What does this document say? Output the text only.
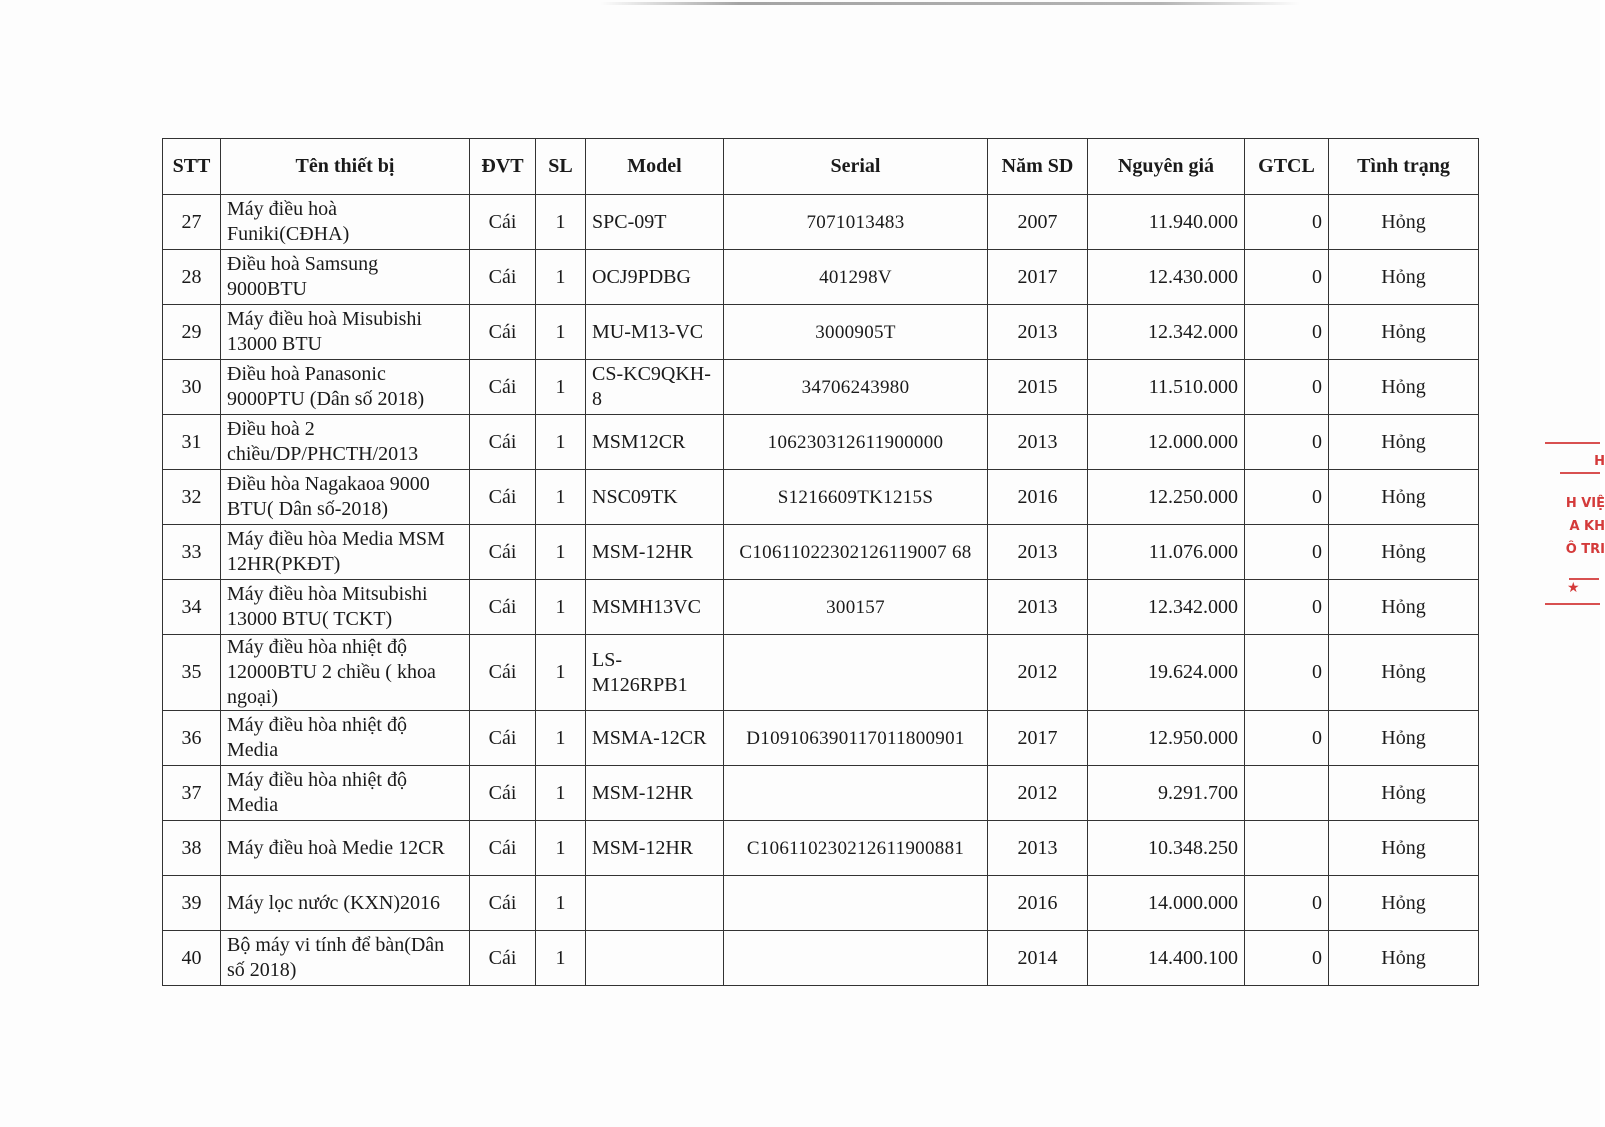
STT	Tên thiết bị	ĐVT	SL	Model	Serial	Năm SD	Nguyên giá	GTCL	Tình trạng
27	Máy điều hoà Funiki(CĐHA)	Cái	1	SPC-09T	7071013483	2007	11.940.000	0	Hỏng
28	Điều hoà Samsung 9000BTU	Cái	1	OCJ9PDBG	401298V	2017	12.430.000	0	Hỏng
29	Máy điều hoà Misubishi 13000 BTU	Cái	1	MU-M13-VC	3000905T	2013	12.342.000	0	Hỏng
30	Điều hoà Panasonic 9000PTU (Dân số 2018)	Cái	1	CS-KC9QKH-8	34706243980	2015	11.510.000	0	Hỏng
31	Điều hoà 2 chiều/DP/PHCTH/2013	Cái	1	MSM12CR	106230312611900000	2013	12.000.000	0	Hỏng
32	Điều hòa Nagakaoa 9000 BTU( Dân số-2018)	Cái	1	NSC09TK	S1216609TK1215S	2016	12.250.000	0	Hỏng
33	Máy điều hòa Media MSM 12HR(PKĐT)	Cái	1	MSM-12HR	C10611022302126119007 68	2013	11.076.000	0	Hỏng
34	Máy điều hòa Mitsubishi 13000 BTU( TCKT)	Cái	1	MSMH13VC	300157	2013	12.342.000	0	Hỏng
35	Máy điều hòa nhiệt độ 12000BTU 2 chiều ( khoa ngoại)	Cái	1	LS-M126RPB1		2012	19.624.000	0	Hỏng
36	Máy điều hòa nhiệt độ Media	Cái	1	MSMA-12CR	D109106390117011800901	2017	12.950.000	0	Hỏng
37	Máy điều hòa nhiệt độ Media	Cái	1	MSM-12HR		2012	9.291.700		Hỏng
38	Máy điều hoà Medie 12CR	Cái	1	MSM-12HR	C106110230212611900881	2013	10.348.250		Hỏng
39	Máy lọc nước (KXN)2016	Cái	1			2016	14.000.000	0	Hỏng
40	Bộ máy vi tính để bàn(Dân số 2018)	Cái	1			2014	14.400.100	0	Hỏng
H
H VIỆ
A KH
Ô TRI
★
